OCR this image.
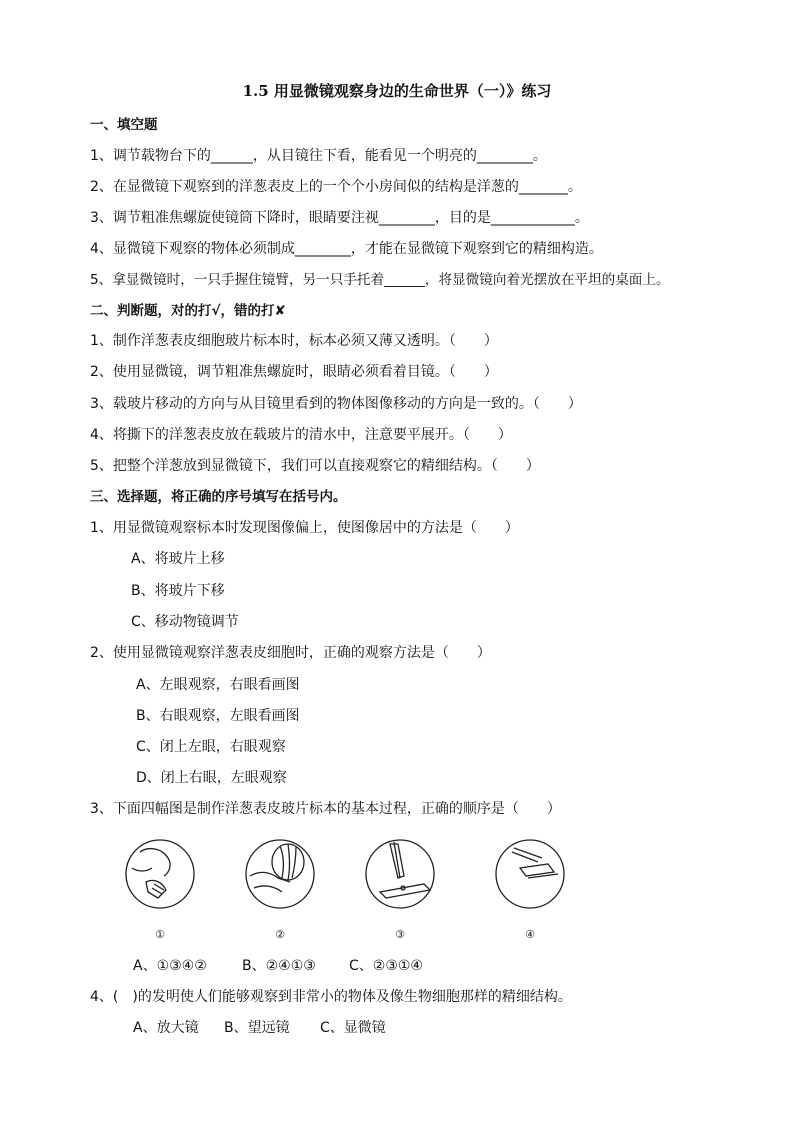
1.5 用显微镜观察身边的生命世界（一）》练习
一、填空题
1、调节载物台下的______，从目镜往下看，能看见一个明亮的________。
2、在显微镜下观察到的洋葱表皮上的一个个小房间似的结构是洋葱的_______。
3、调节粗准焦螺旋使镜筒下降时，眼睛要注视________，目的是____________。
4、显微镜下观察的物体必须制成________，才能在显微镜下观察到它的精细构造。
5、拿显微镜时，一只手握住镜臂，另一只手托着______，将显微镜向着光摆放在平坦的桌面上。
二、判断题，对的打√，错的打✘
1、制作洋葱表皮细胞玻片标本时，标本必须又薄又透明。（　　）
2、使用显微镜，调节粗准焦螺旋时，眼睛必须看着目镜。（　　）
3、载玻片移动的方向与从目镜里看到的物体图像移动的方向是一致的。（　　）
4、将撕下的洋葱表皮放在载玻片的清水中，注意要平展开。（　　）
5、把整个洋葱放到显微镜下，我们可以直接观察它的精细结构。（　　）
三、选择题，将正确的序号填写在括号内。
1、用显微镜观察标本时发现图像偏上，使图像居中的方法是（　　）
A、将玻片上移
B、将玻片下移
C、移动物镜调节
2、使用显微镜观察洋葱表皮细胞时，正确的观察方法是（　　）
A、左眼观察，右眼看画图
B、右眼观察，左眼看画图
C、闭上左眼，右眼观察
D、闭上右眼，左眼观察
3、下面四幅图是制作洋葱表皮玻片标本的基本过程，正确的顺序是（　　）
①	②	③	④
A、①③④②	B、②④①③ C、②③①④
4、(　)的发明使人们能够观察到非常小的物体及像生物细胞那样的精细结构。
A、放大镜 B、望远镜 C、显微镜
